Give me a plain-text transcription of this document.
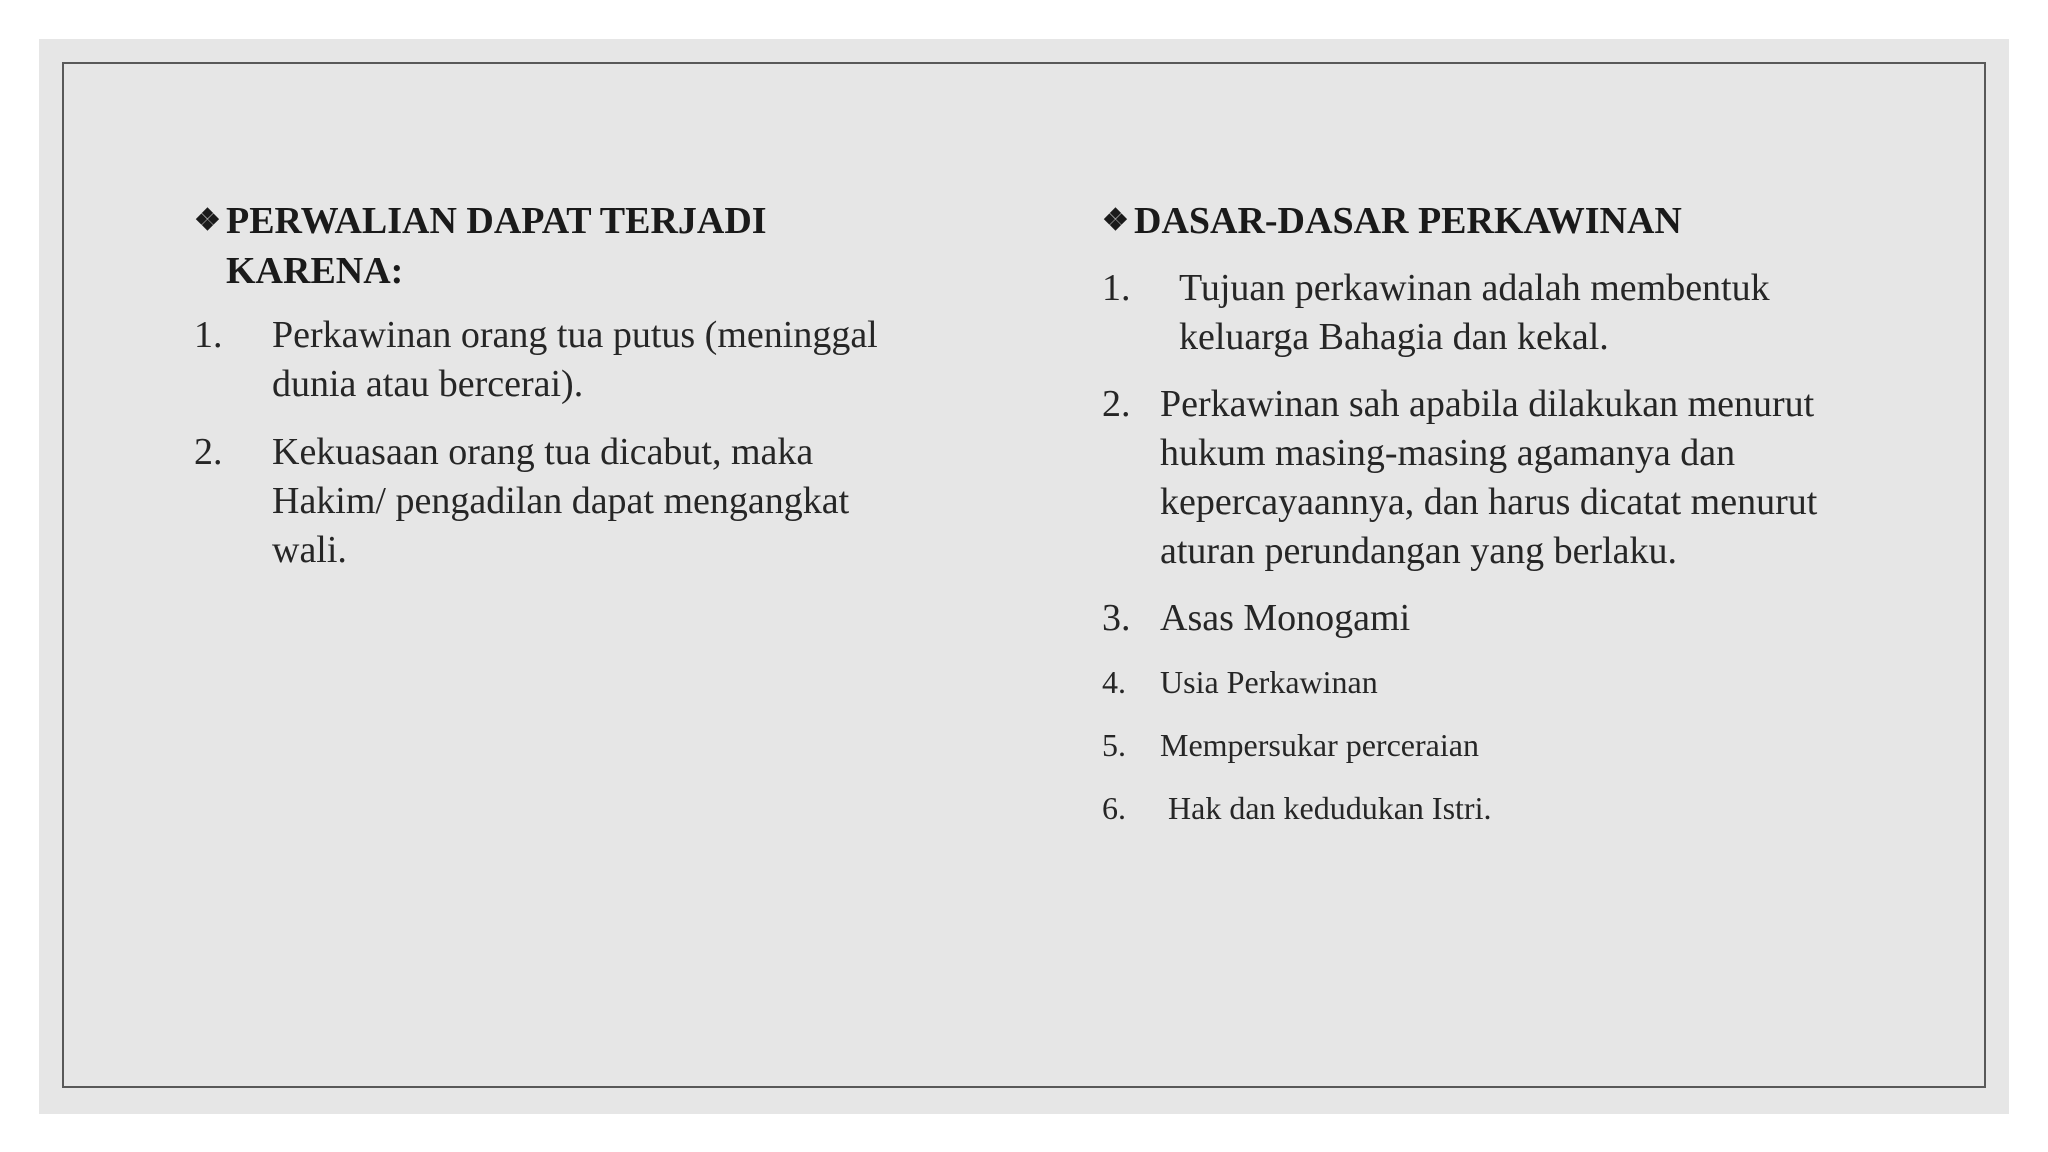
❖ PERWALIAN DAPAT TERJADI KARENA:
1.	Perkawinan orang tua putus (meninggal dunia atau bercerai).
2.	Kekuasaan orang tua dicabut, maka Hakim/ pengadilan dapat mengangkat wali.
❖ DASAR-DASAR PERKAWINAN
1.	Tujuan perkawinan adalah membentuk keluarga Bahagia dan kekal.
2. Perkawinan sah apabila dilakukan menurut hukum masing-masing agamanya dan kepercayaannya, dan harus dicatat menurut aturan perundangan yang berlaku.
3. Asas Monogami
4.	Usia Perkawinan
5.	Mempersukar perceraian
6.	Hak dan kedudukan Istri.
